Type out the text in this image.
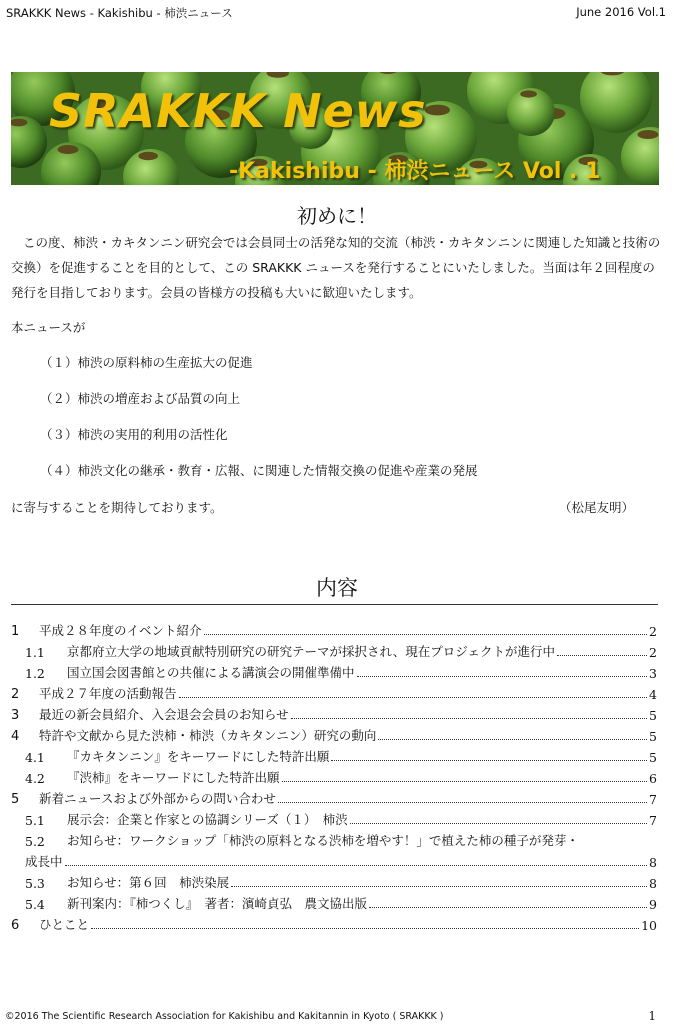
SRAKKK News - Kakishibu - 柿渋ニュース	June 2016 Vol.1
SRAKKK News
-Kakishibu - 柿渋ニュース Vol . 1
初めに！

この度、柿渋・カキタンニン研究会では会員同士の活発な知的交流（柿渋・カキタンニンに関連した知識と技術の交換）を促進することを目的として、この SRAKKK ニュースを発行することにいたしました。当面は年２回程度の発行を目指しております。会員の皆様方の投稿も大いに歓迎いたします。

本ニュースが
（１）柿渋の原料柿の生産拡大の促進
（２）柿渋の増産および品質の向上
（３）柿渋の実用的利用の活性化
（４）柿渋文化の継承・教育・広報、に関連した情報交換の促進や産業の発展
に寄与することを期待しております。	（松尾友明）
内容
1	平成２８年度のイベント紹介	2
1.1	京都府立大学の地域貢献特別研究の研究テーマが採択され、現在プロジェクトが進行中	2
1.2	国立国会図書館との共催による講演会の開催準備中	3
2	平成２７年度の活動報告	4
3	最近の新会員紹介、入会退会会員のお知らせ	5
4	特許や文献から見た渋柿・柿渋（カキタンニン）研究の動向	5
4.1	『カキタンニン』をキーワードにした特許出願	5
4.2	『渋柿』をキーワードにした特許出願	6
5	新着ニュースおよび外部からの問い合わせ	7
5.1	展示会：企業と作家との協調シリーズ（１）　柿渋	7
5.2	お知らせ：ワークショップ「柿渋の原料となる渋柿を増やす！」で植えた柿の種子が発芽・
成長中	8
5.3	お知らせ：第６回　柿渋染展	8
5.4	新刊案内：『柿つくし』　著者：濱崎貞弘　農文協出版	9
6	ひとこと	10
©2016 The Scientific Research Association for Kakishibu and Kakitannin in Kyoto ( SRAKKK )	1
